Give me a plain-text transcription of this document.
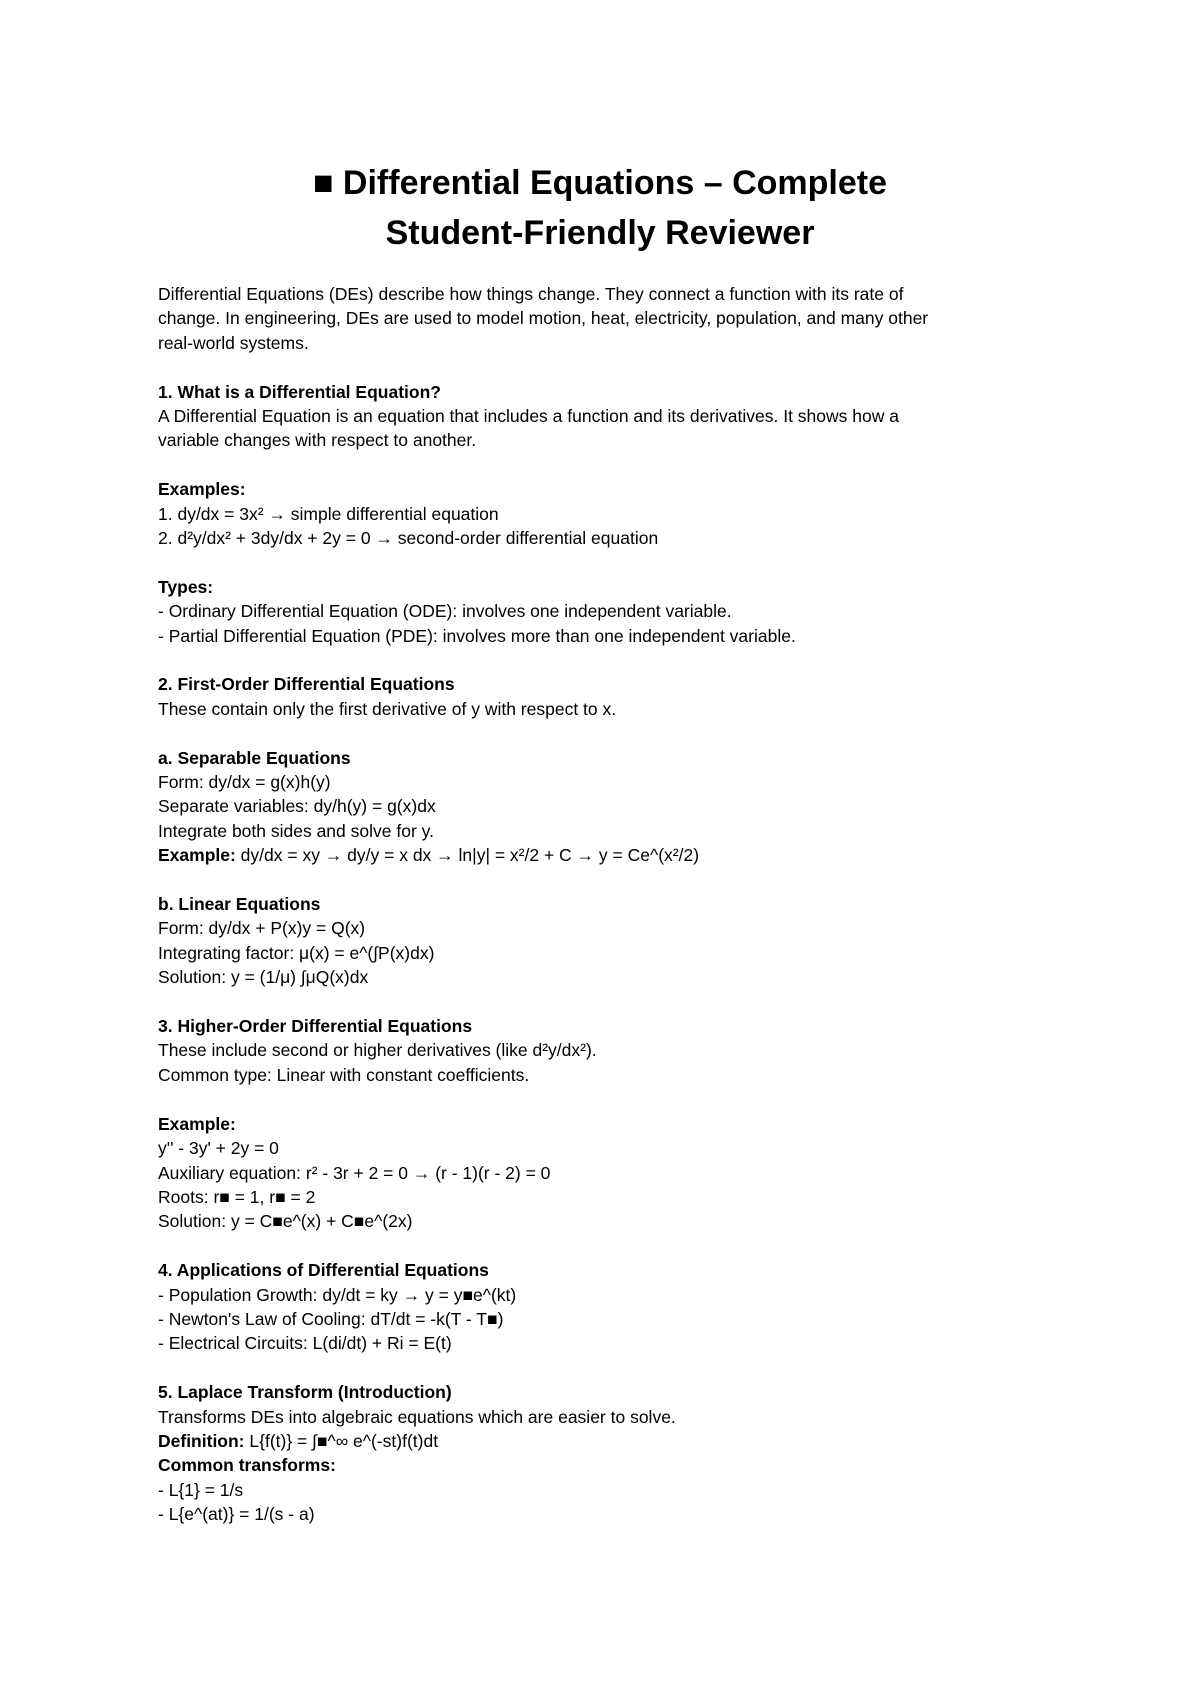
■ Differential Equations – Complete
Student-Friendly Reviewer
Differential Equations (DEs) describe how things change. They connect a function with its rate of
change. In engineering, DEs are used to model motion, heat, electricity, population, and many other
real-world systems.
1. What is a Differential Equation?
A Differential Equation is an equation that includes a function and its derivatives. It shows how a
variable changes with respect to another.
Examples:
1. dy/dx = 3x² → simple differential equation
2. d²y/dx² + 3dy/dx + 2y = 0 → second-order differential equation
Types:
- Ordinary Differential Equation (ODE): involves one independent variable.
- Partial Differential Equation (PDE): involves more than one independent variable.
2. First-Order Differential Equations
These contain only the first derivative of y with respect to x.
a. Separable Equations
Form: dy/dx = g(x)h(y)
Separate variables: dy/h(y) = g(x)dx
Integrate both sides and solve for y.
Example: dy/dx = xy → dy/y = x dx → ln|y| = x²/2 + C → y = Ce^(x²/2)
b. Linear Equations
Form: dy/dx + P(x)y = Q(x)
Integrating factor: μ(x) = e^(∫P(x)dx)
Solution: y = (1/μ) ∫μQ(x)dx
3. Higher-Order Differential Equations
These include second or higher derivatives (like d²y/dx²).
Common type: Linear with constant coefficients.
Example:
y'' - 3y' + 2y = 0
Auxiliary equation: r² - 3r + 2 = 0 → (r - 1)(r - 2) = 0
Roots: r■ = 1, r■ = 2
Solution: y = C■e^(x) + C■e^(2x)
4. Applications of Differential Equations
- Population Growth: dy/dt = ky → y = y■e^(kt)
- Newton's Law of Cooling: dT/dt = -k(T - T■)
- Electrical Circuits: L(di/dt) + Ri = E(t)
5. Laplace Transform (Introduction)
Transforms DEs into algebraic equations which are easier to solve.
Definition: L{f(t)} = ∫■^∞ e^(-st)f(t)dt
Common transforms:
- L{1} = 1/s
- L{e^(at)} = 1/(s - a)
